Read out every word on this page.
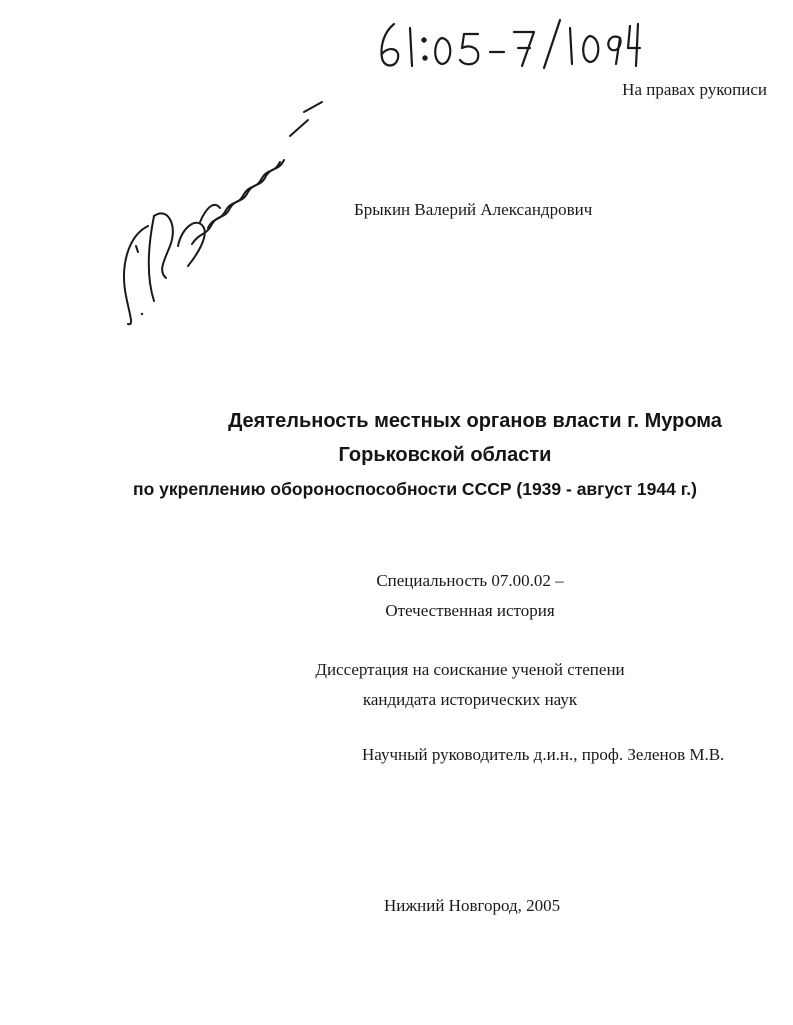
На правах рукописи
Брыкин Валерий Александрович
Деятельность местных органов власти г. Мурома
Горьковской области
по укреплению обороноспособности СССР (1939 - август 1944 г.)
Специальность 07.00.02 –
Отечественная история
Диссертация на соискание ученой степени
кандидата исторических наук
Научный руководитель д.и.н., проф. Зеленов М.В.
Нижний Новгород, 2005
